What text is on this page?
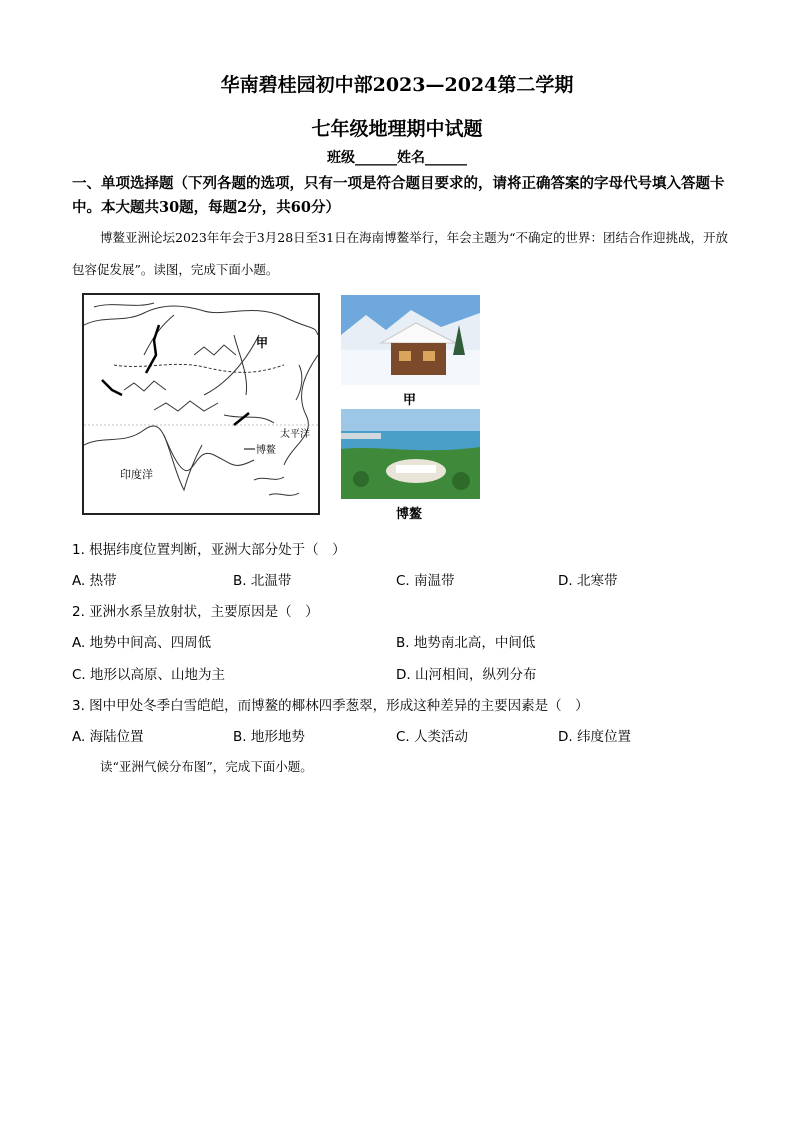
华南碧桂园初中部2023—2024第二学期
七年级地理期中试题
班级______姓名______
一、单项选择题（下列各题的选项，只有一项是符合题目要求的，请将正确答案的字母代号填入答题卡中。本大题共30题，每题2分，共60分）
博鳌亚洲论坛2023年年会于3月28日至31日在海南博鳌举行，年会主题为“不确定的世界：团结合作迎挑战，开放包容促发展”。读图，完成下面小题。
甲
太平洋
博鳌
印度洋
甲
博鳌
1. 根据纬度位置判断，亚洲大部分处于（　）
A. 热带	B. 北温带	C. 南温带	D. 北寒带
2. 亚洲水系呈放射状，主要原因是（　）
A. 地势中间高、四周低	B. 地势南北高，中间低
C. 地形以高原、山地为主	D. 山河相间，纵列分布
3. 图中甲处冬季白雪皑皑，而博鳌的椰林四季葱翠，形成这种差异的主要因素是（　）
A. 海陆位置	B. 地形地势	C. 人类活动	D. 纬度位置
读“亚洲气候分布图”，完成下面小题。
